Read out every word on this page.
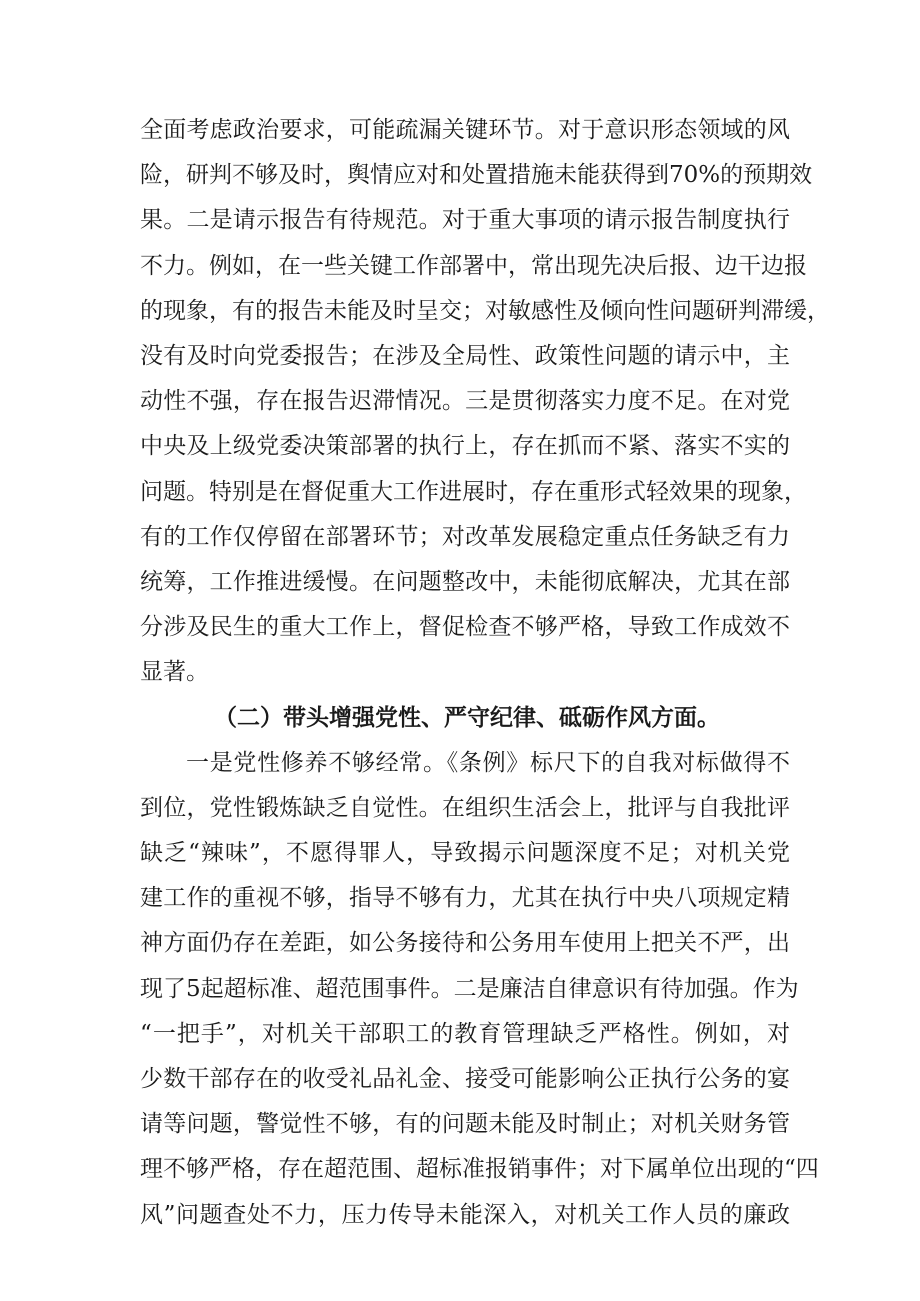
全面考虑政治要求，可能疏漏关键环节。对于意识形态领域的风
险，研判不够及时，舆情应对和处置措施未能获得到70%的预期效
果。二是请示报告有待规范。对于重大事项的请示报告制度执行
不力。例如，在一些关键工作部署中，常出现先决后报、边干边报
的现象，有的报告未能及时呈交；对敏感性及倾向性问题研判滞缓，
没有及时向党委报告；在涉及全局性、政策性问题的请示中，主
动性不强，存在报告迟滞情况。三是贯彻落实力度不足。在对党
中央及上级党委决策部署的执行上，存在抓而不紧、落实不实的
问题。特别是在督促重大工作进展时，存在重形式轻效果的现象，
有的工作仅停留在部署环节；对改革发展稳定重点任务缺乏有力
统筹，工作推进缓慢。在问题整改中，未能彻底解决，尤其在部
分涉及民生的重大工作上，督促检查不够严格，导致工作成效不
显著。
（二）带头增强党性、严守纪律、砥砺作风方面。
一是党性修养不够经常。《条例》标尺下的自我对标做得不
到位，党性锻炼缺乏自觉性。在组织生活会上，批评与自我批评
缺乏“辣味”，不愿得罪人，导致揭示问题深度不足；对机关党
建工作的重视不够，指导不够有力，尤其在执行中央八项规定精
神方面仍存在差距，如公务接待和公务用车使用上把关不严，出
现了5起超标准、超范围事件。二是廉洁自律意识有待加强。作为
“一把手”，对机关干部职工的教育管理缺乏严格性。例如，对
少数干部存在的收受礼品礼金、接受可能影响公正执行公务的宴
请等问题，警觉性不够，有的问题未能及时制止；对机关财务管
理不够严格，存在超范围、超标准报销事件；对下属单位出现的“四
风”问题查处不力，压力传导未能深入，对机关工作人员的廉政
